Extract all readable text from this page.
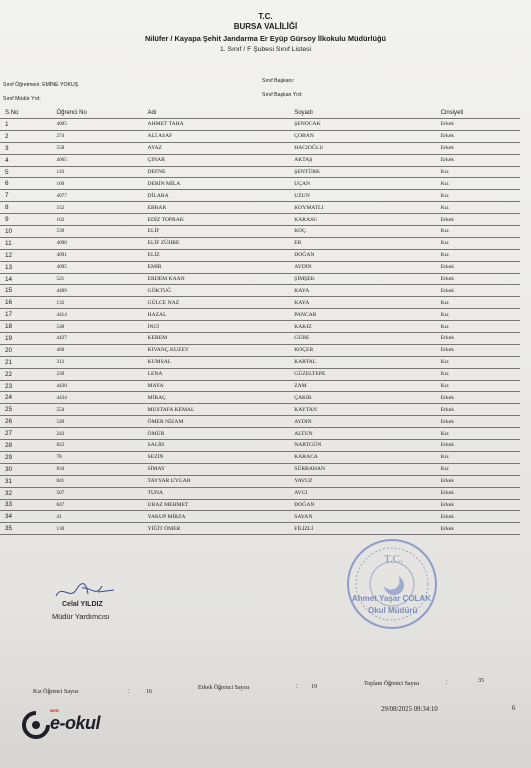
T.C.
BURSA VALİLİĞİ
Nilüfer / Kayapa Şehit Jandarma Er Eyüp Gürsoy İlkokulu Müdürlüğü
1. Sınıf / F Şubesi Sınıf Listesi
Sınıf Öğretmeni: EMİNE YOKUŞ
Sınıf Müdür Yrd:
Sınıf Başkanı:
Sınıf Başkan Yrd:
S.No	Öğrenci No	Adı	Soyadı	Cinsiyeti
1	4005	AHMET TAHA	ŞENOCAK	Erkek
2	274	ALİ ASAF	ÇOBAN	Erkek
3	558	AYAZ	HACIOĞLU	Erkek
4	4065	ÇINAR	AKTAŞ	Erkek
5	143	DEFNE	ŞENTÜRK	Kız
6	160	DERİN MİLA	UÇAN	Kız
7	4077	DİLARA	UZUN	Kız
8	332	EBRAR	KOYMATLI	Kız
9	162	EDİZ TOPRAK	KARASU	Erkek
10	539	ELİF	KOÇ	Kız
11	4090	ELİF ZÜHRE	ER	Kız
12	4091	ELİZ	DOĞAN	Kız
13	4095	EMİR	AYDIN	Erkek
14	521	ERDEM KAAN	ŞİMŞEK	Erkek
15	4409	GÖKTUĞ	KAYA	Erkek
16	132	GÜLCE NAZ	KAYA	Kız
17	4414	HAZAL	PANCAR	Kız
18	548	İNCİ	KAKIZ	Kız
19	4427	KEREM	GÜBE	Erkek
20	460	KIVANÇ KUZEY	KOÇER	Erkek
21	312	KUMSAL	KARTAL	Kız
22	239	LENA	GÜZELTEPE	Kız
23	4430	MAYA	ZAM	Kız
24	4434	MİRAÇ	ÇAKIR	Erkek
25	554	MUSTAFA KEMAL	KAYTAN	Erkek
26	549	ÖMER NİZAM	AYDIN	Erkek
27	243	ÖMÜR	ALTUN	Kız
28	822	SALİH	NARTGÜN	Erkek
29	78	SEZİN	KARACA	Kız
30	834	SİMAY	SÜRBAHAN	Kız
31	841	TAYYAR UYGAR	YAVUZ	Erkek
32	507	TUNA	AVCI	Erkek
33	847	URAZ MEHMET	DOĞAN	Erkek
34	41	YAKUP MİRZA	SAYAN	Erkek
35	130	YİĞİT ÖMER	FİLİZLİ	Erkek
Celal YILDIZ
Müdür Yardımcısı
T.C.
Ahmet Yaşar ÇOLAK
Okul Müdürü
Kız Öğrenci Sayısı	:	16
Erkek Öğrenci Sayısı	: 19	Toplam Öğrenci Sayısı	:	35
MEB
e-okul
29/08/2025 09:34:10	6
